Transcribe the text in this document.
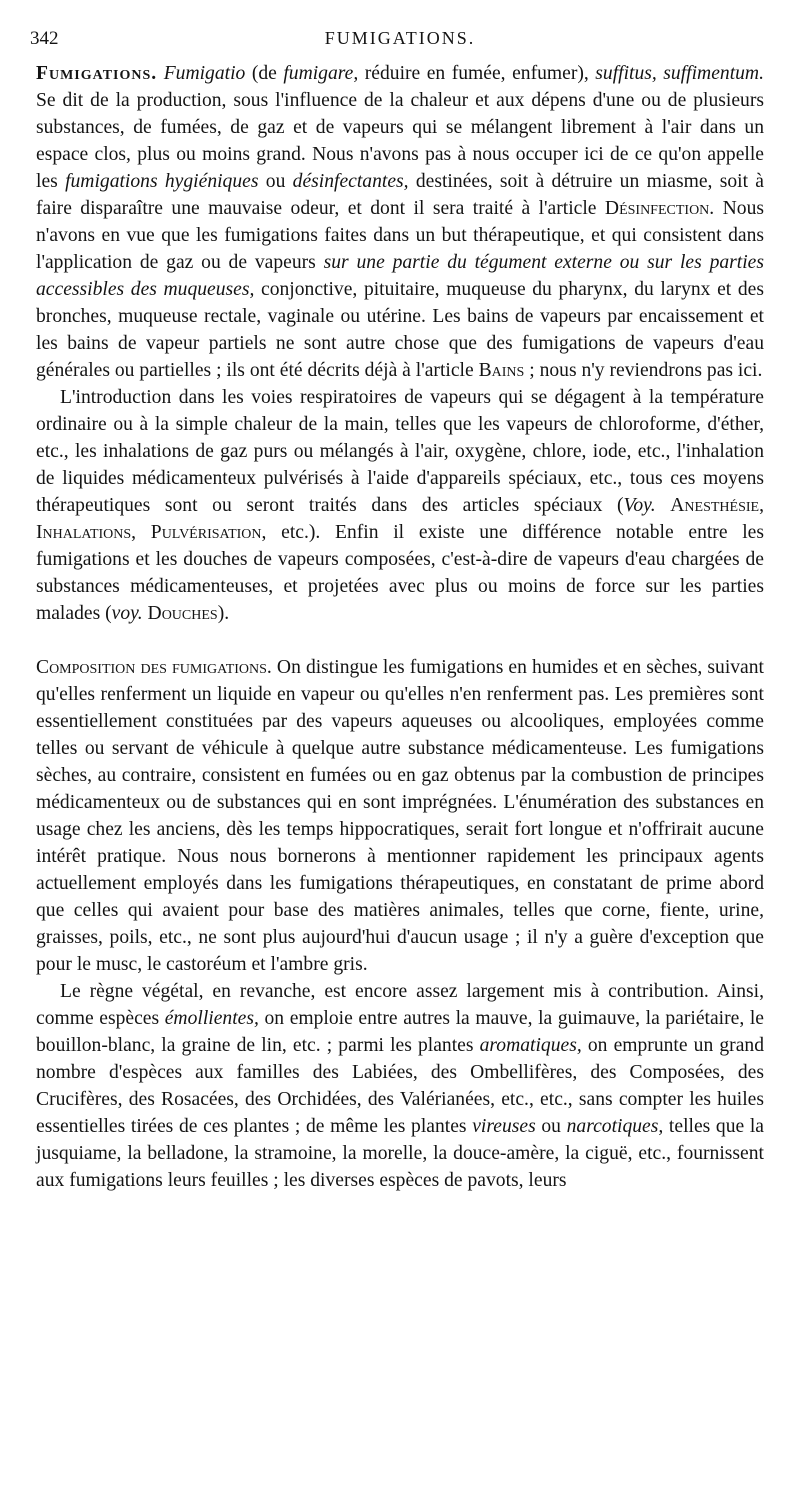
342	FUMIGATIONS.

Fumigations. Fumigatio (de fumigare, réduire en fumée, enfumer), suffitus, suffimentum. Se dit de la production, sous l'influence de la chaleur et aux dépens d'une ou de plusieurs substances, de fumées, de gaz et de vapeurs qui se mélangent librement à l'air dans un espace clos, plus ou moins grand. Nous n'avons pas à nous occuper ici de ce qu'on appelle les fumigations hygiéniques ou désinfectantes, destinées, soit à détruire un miasme, soit à faire disparaître une mauvaise odeur, et dont il sera traité à l'article Désinfection. Nous n'avons en vue que les fumigations faites dans un but thérapeutique, et qui consistent dans l'application de gaz ou de vapeurs sur une partie du tégument externe ou sur les parties accessibles des muqueuses, conjonctive, pituitaire, muqueuse du pharynx, du larynx et des bronches, muqueuse rectale, vaginale ou utérine. Les bains de vapeurs par encaissement et les bains de vapeur partiels ne sont autre chose que des fumigations de vapeurs d'eau générales ou partielles ; ils ont été décrits déjà à l'article Bains ; nous n'y reviendrons pas ici.

L'introduction dans les voies respiratoires de vapeurs qui se dégagent à la température ordinaire ou à la simple chaleur de la main, telles que les vapeurs de chloroforme, d'éther, etc., les inhalations de gaz purs ou mélangés à l'air, oxygène, chlore, iode, etc., l'inhalation de liquides médicamenteux pulvérisés à l'aide d'appareils spéciaux, etc., tous ces moyens thérapeutiques sont ou seront traités dans des articles spéciaux (Voy. Anesthésie, Inhalations, Pulvérisation, etc.). Enfin il existe une différence notable entre les fumigations et les douches de vapeurs composées, c'est-à-dire de vapeurs d'eau chargées de substances médicamenteuses, et projetées avec plus ou moins de force sur les parties malades (voy. Douches).

Composition des fumigations. On distingue les fumigations en humides et en sèches, suivant qu'elles renferment un liquide en vapeur ou qu'elles n'en renferment pas. Les premières sont essentiellement constituées par des vapeurs aqueuses ou alcooliques, employées comme telles ou servant de véhicule à quelque autre substance médicamenteuse. Les fumigations sèches, au contraire, consistent en fumées ou en gaz obtenus par la combustion de principes médicamenteux ou de substances qui en sont imprégnées. L'énumération des substances en usage chez les anciens, dès les temps hippocratiques, serait fort longue et n'offrirait aucune intérêt pratique. Nous nous bornerons à mentionner rapidement les principaux agents actuellement employés dans les fumigations thérapeutiques, en constatant de prime abord que celles qui avaient pour base des matières animales, telles que corne, fiente, urine, graisses, poils, etc., ne sont plus aujourd'hui d'aucun usage ; il n'y a guère d'exception que pour le musc, le castoréum et l'ambre gris.

Le règne végétal, en revanche, est encore assez largement mis à contribution. Ainsi, comme espèces émollientes, on emploie entre autres la mauve, la guimauve, la pariétaire, le bouillon-blanc, la graine de lin, etc. ; parmi les plantes aromatiques, on emprunte un grand nombre d'espèces aux familles des Labiées, des Ombellifères, des Composées, des Crucifères, des Rosacées, des Orchidées, des Valérianées, etc., etc., sans compter les huiles essentielles tirées de ces plantes ; de même les plantes vireuses ou narcotiques, telles que la jusquiame, la belladone, la stramoine, la morelle, la douce-amère, la ciguë, etc., fournissent aux fumigations leurs feuilles ; les diverses espèces de pavots, leurs
